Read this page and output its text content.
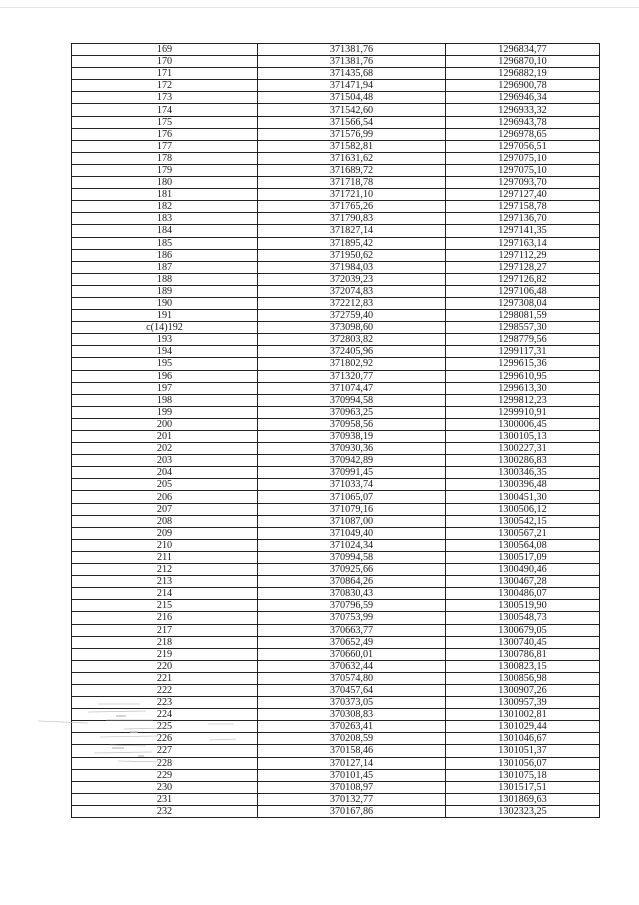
169	371381,76	1296834,77
170	371381,76	1296870,10
171	371435,68	1296882,19
172	371471,94	1296900,78
173	371504,48	1296946,34
174	371542,60	1296933,32
175	371566,54	1296943,78
176	371576,99	1296978,65
177	371582,81	1297056,51
178	371631,62	1297075,10
179	371689,72	1297075,10
180	371718,78	1297093,70
181	371721,10	1297127,40
182	371765,26	1297158,78
183	371790,83	1297136,70
184	371827,14	1297141,35
185	371895,42	1297163,14
186	371950,62	1297112,29
187	371984,03	1297128,27
188	372039,23	1297126,82
189	372074,83	1297106,48
190	372212,83	1297308,04
191	372759,40	1298081,59
c(14)192	373098,60	1298557,30
193	372803,82	1298779,56
194	372405,96	1299117,31
195	371802,92	1299615,36
196	371320,77	1299610,95
197	371074,47	1299613,30
198	370994,58	1299812,23
199	370963,25	1299910,91
200	370958,56	1300006,45
201	370938,19	1300105,13
202	370930,36	1300227,31
203	370942,89	1300286,83
204	370991,45	1300346,35
205	371033,74	1300396,48
206	371065,07	1300451,30
207	371079,16	1300506,12
208	371087,00	1300542,15
209	371049,40	1300567,21
210	371024,34	1300564,08
211	370994,58	1300517,09
212	370925,66	1300490,46
213	370864,26	1300467,28
214	370830,43	1300486,07
215	370796,59	1300519,90
216	370753,99	1300548,73
217	370663,77	1300679,05
218	370652,49	1300740,45
219	370660,01	1300786,81
220	370632,44	1300823,15
221	370574,80	1300856,98
222	370457,64	1300907,26
223	370373,05	1300957,39
224	370308,83	1301002,81
225	370263,41	1301029,44
226	370208,59	1301046,67
227	370158,46	1301051,37
228	370127,14	1301056,07
229	370101,45	1301075,18
230	370108,97	1301517,51
231	370132,77	1301869,63
232	370167,86	1302323,25
